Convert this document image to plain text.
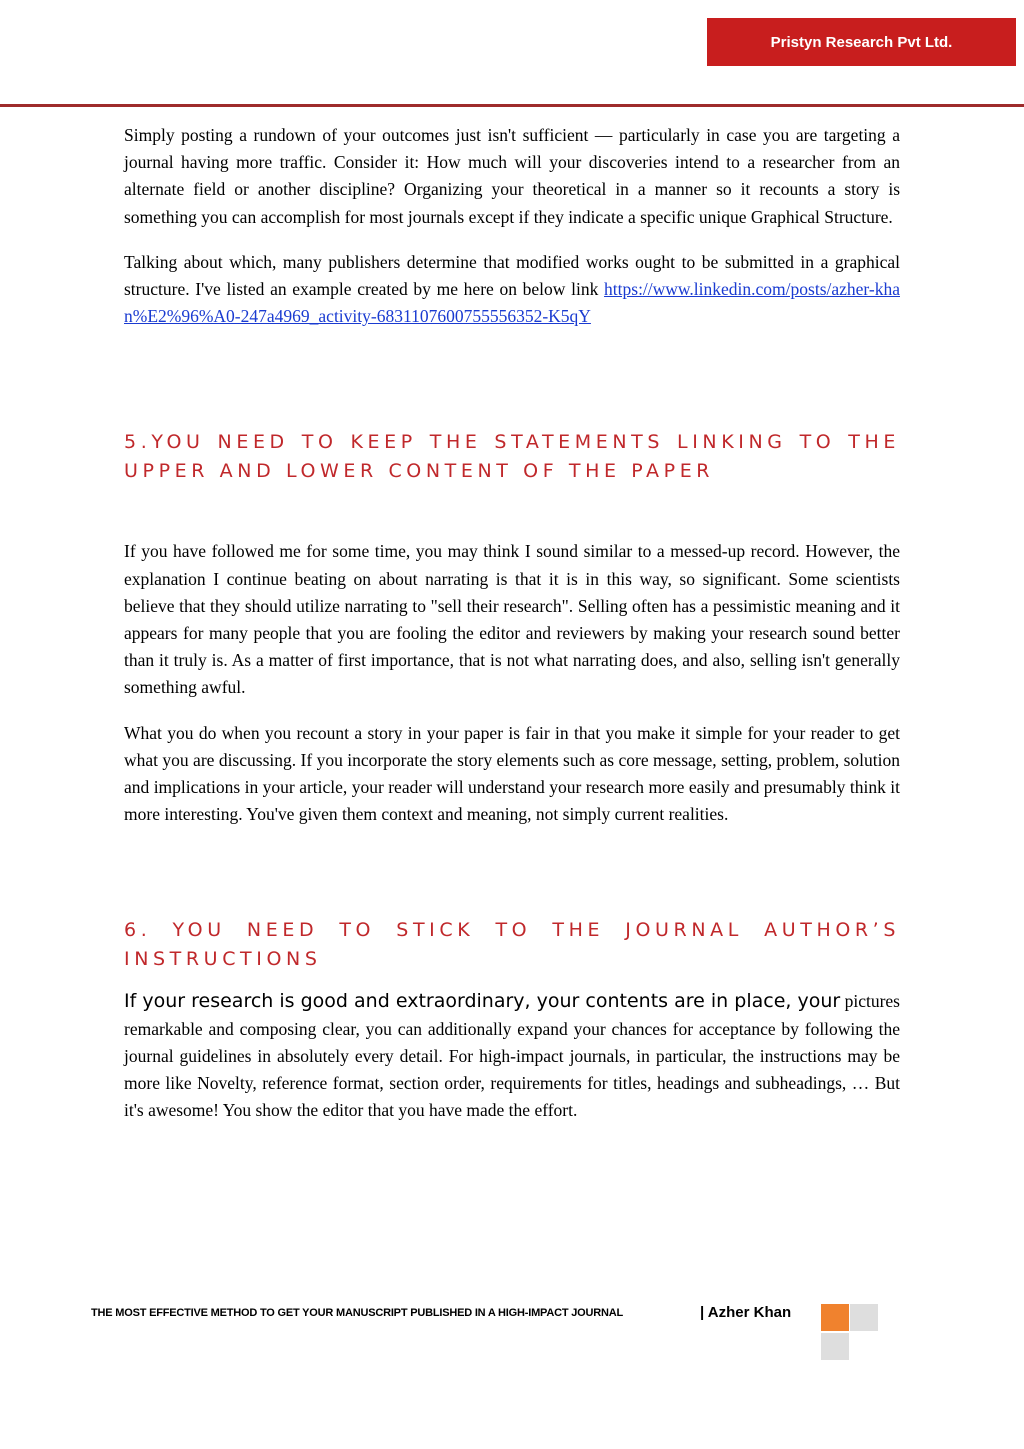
Pristyn Research Pvt Ltd.

Simply posting a rundown of your outcomes just isn't sufficient — particularly in case you are targeting a journal having more traffic. Consider it: How much will your discoveries intend to a researcher from an alternate field or another discipline? Organizing your theoretical in a manner so it recounts a story is something you can accomplish for most journals except if they indicate a specific unique Graphical Structure.

Talking about which, many publishers determine that modified works ought to be submitted in a graphical structure. I've listed an example created by me here on below link https://www.linkedin.com/posts/azher-khan%E2%96%A0-247a4969_activity-6831107600755556352-K5qY

5.YOU NEED TO KEEP THE STATEMENTS LINKING TO THE UPPER AND LOWER CONTENT OF THE PAPER

If you have followed me for some time, you may think I sound similar to a messed-up record. However, the explanation I continue beating on about narrating is that it is in this way, so significant. Some scientists believe that they should utilize narrating to "sell their research". Selling often has a pessimistic meaning and it appears for many people that you are fooling the editor and reviewers by making your research sound better than it truly is. As a matter of first importance, that is not what narrating does, and also, selling isn't generally something awful.

What you do when you recount a story in your paper is fair in that you make it simple for your reader to get what you are discussing. If you incorporate the story elements such as core message, setting, problem, solution and implications in your article, your reader will understand your research more easily and presumably think it more interesting. You've given them context and meaning, not simply current realities.

6. YOU NEED TO STICK TO THE JOURNAL AUTHOR’S INSTRUCTIONS

If your research is good and extraordinary, your contents are in place, your pictures remarkable and composing clear, you can additionally expand your chances for acceptance by following the journal guidelines in absolutely every detail. For high-impact journals, in particular, the instructions may be more like Novelty, reference format, section order, requirements for titles, headings and subheadings, … But it's awesome! You show the editor that you have made the effort.

THE MOST EFFECTIVE METHOD TO GET YOUR MANUSCRIPT PUBLISHED IN A HIGH-IMPACT JOURNAL	| Azher Khan
